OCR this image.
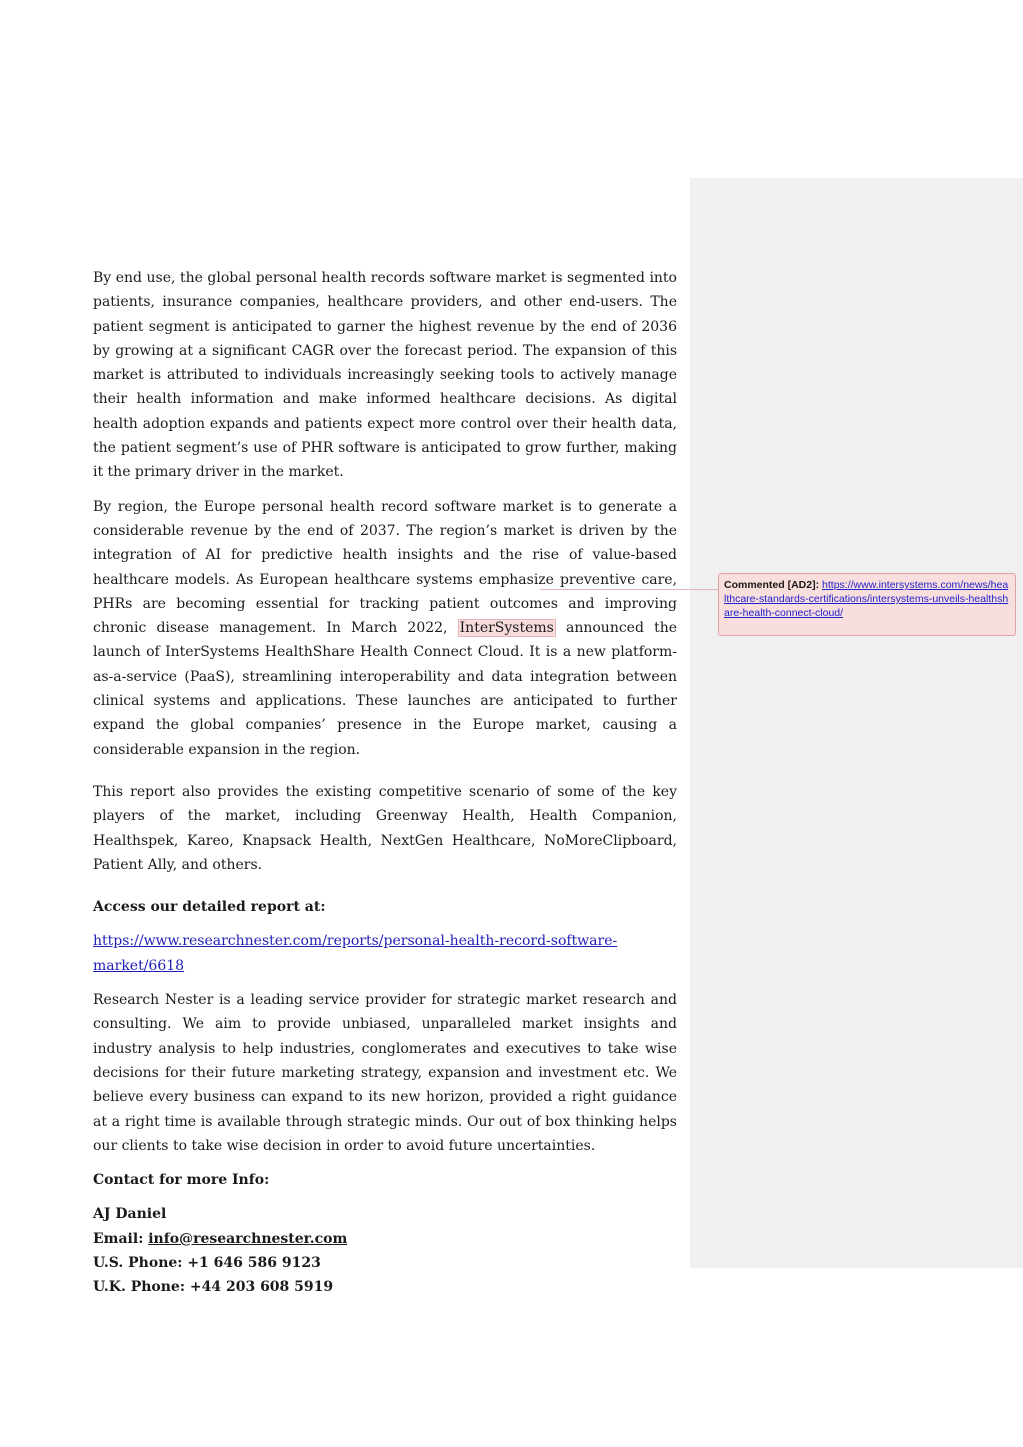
By end use, the global personal health records software market is segmented into patients, insurance companies, healthcare providers, and other end-users. The patient segment is anticipated to garner the highest revenue by the end of 2036 by growing at a significant CAGR over the forecast period. The expansion of this market is attributed to individuals increasingly seeking tools to actively manage their health information and make informed healthcare decisions. As digital health adoption expands and patients expect more control over their health data, the patient segment’s use of PHR software is anticipated to grow further, making it the primary driver in the market.

By region, the Europe personal health record software market is to generate a considerable revenue by the end of 2037. The region’s market is driven by the integration of AI for predictive health insights and the rise of value-based healthcare models. As European healthcare systems emphasize preventive care, PHRs are becoming essential for tracking patient outcomes and improving chronic disease management. In March 2022, InterSystems announced the launch of InterSystems HealthShare Health Connect Cloud. It is a new platform-as-a-service (PaaS), streamlining interoperability and data integration between clinical systems and applications. These launches are anticipated to further expand the global companies’ presence in the Europe market, causing a considerable expansion in the region.

This report also provides the existing competitive scenario of some of the key players of the market, including Greenway Health, Health Companion, Healthspek, Kareo, Knapsack Health, NextGen Healthcare, NoMoreClipboard, Patient Ally, and others.

Access our detailed report at:

https://www.researchnester.com/reports/personal-health-record-software-market/6618

Research Nester is a leading service provider for strategic market research and consulting. We aim to provide unbiased, unparalleled market insights and industry analysis to help industries, conglomerates and executives to take wise decisions for their future marketing strategy, expansion and investment etc. We believe every business can expand to its new horizon, provided a right guidance at a right time is available through strategic minds. Our out of box thinking helps our clients to take wise decision in order to avoid future uncertainties.

Contact for more Info:

AJ Daniel

Email: info@researchnester.com

U.S. Phone: +1 646 586 9123

U.K. Phone: +44 203 608 5919

Commented [AD2]: https://www.intersystems.com/news/healthcare-standards-certifications/intersystems-unveils-healthshare-health-connect-cloud/
